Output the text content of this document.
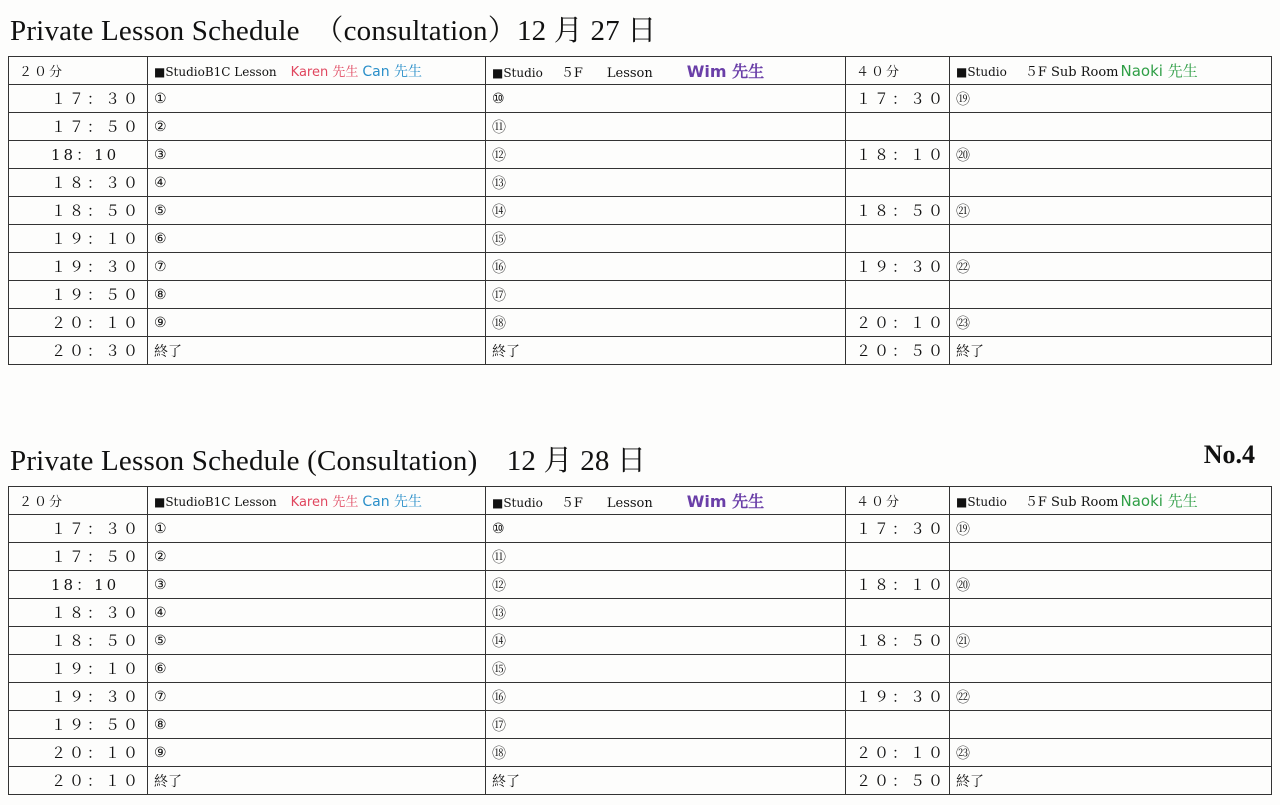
Private Lesson Schedule　（consultation）12 月 27 日
２０分	■StudioB1C Lesson Karen 先生 Can 先生	■Studio ５F Lesson Wim 先生	４０分	■Studio ５F Sub Room Naoki 先生
１７：３０	①	⑩	１７：３０	⑲
１７：５０	②	⑪		
18：10	③	⑫	１８：１０	⑳
１８：３０	④	⑬		
１８：５０	⑤	⑭	１８：５０	㉑
１９：１０	⑥	⑮		
１９：３０	⑦	⑯	１９：３０	㉒
１９：５０	⑧	⑰		
２０：１０	⑨	⑱	２０：１０	㉓
２０：３０	終了	終了	２０：５０	終了
Private Lesson Schedule (Consultation)　12 月 28 日	No.4
２０分	■StudioB1C Lesson Karen 先生 Can 先生	■Studio ５F Lesson Wim 先生	４０分	■Studio ５F Sub Room Naoki 先生
１７：３０	①	⑩	１７：３０	⑲
１７：５０	②	⑪		
18：10	③	⑫	１８：１０	⑳
１８：３０	④	⑬		
１８：５０	⑤	⑭	１８：５０	㉑
１９：１０	⑥	⑮		
１９：３０	⑦	⑯	１９：３０	㉒
１９：５０	⑧	⑰		
２０：１０	⑨	⑱	２０：１０	㉓
２０：１０	終了	終了	２０：５０	終了
